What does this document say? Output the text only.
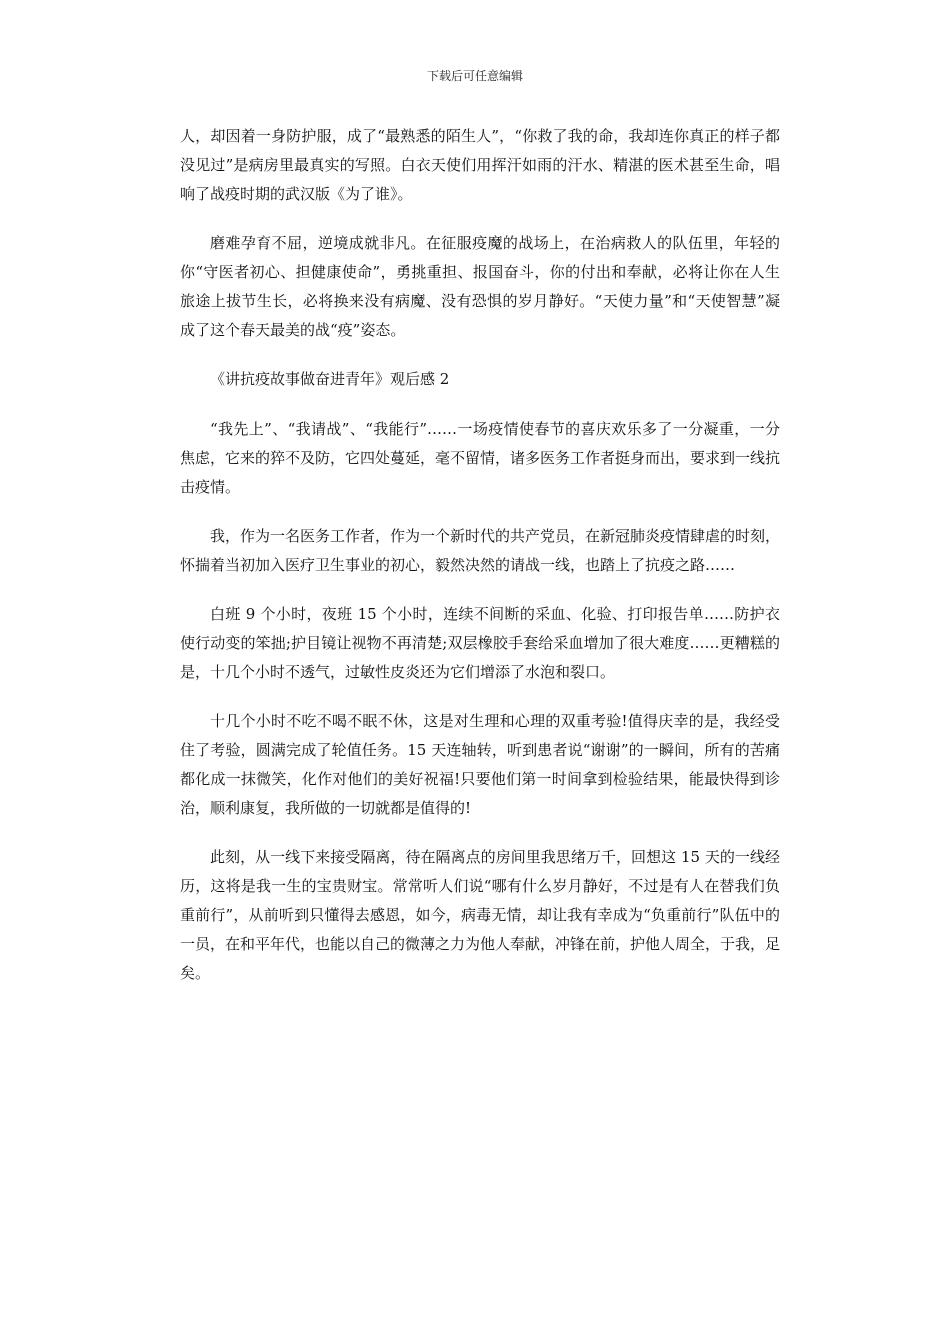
下载后可任意编辑

人，却因着一身防护服，成了“最熟悉的陌生人”，“你救了我的命，我却连你真正的样子都没见过”是病房里最真实的写照。白衣天使们用挥汗如雨的汗水、精湛的医术甚至生命，唱响了战疫时期的武汉版《为了谁》。

磨难孕育不屈，逆境成就非凡。在征服疫魔的战场上，在治病救人的队伍里，年轻的你“守医者初心、担健康使命”，勇挑重担、报国奋斗，你的付出和奉献，必将让你在人生旅途上拔节生长，必将换来没有病魔、没有恐惧的岁月静好。“天使力量”和“天使智慧”凝成了这个春天最美的战“疫”姿态。

《讲抗疫故事做奋进青年》观后感 2

“我先上”、“我请战”、“我能行”……一场疫情使春节的喜庆欢乐多了一分凝重，一分焦虑，它来的猝不及防，它四处蔓延，毫不留情，诸多医务工作者挺身而出，要求到一线抗击疫情。

我，作为一名医务工作者，作为一个新时代的共产党员，在新冠肺炎疫情肆虐的时刻，怀揣着当初加入医疗卫生事业的初心，毅然决然的请战一线，也踏上了抗疫之路……

白班 9 个小时，夜班 15 个小时，连续不间断的采血、化验、打印报告单……防护衣使行动变的笨拙;护目镜让视物不再清楚;双层橡胶手套给采血增加了很大难度……更糟糕的是，十几个小时不透气，过敏性皮炎还为它们增添了水泡和裂口。

十几个小时不吃不喝不眠不休，这是对生理和心理的双重考验!值得庆幸的是，我经受住了考验，圆满完成了轮值任务。15 天连轴转，听到患者说“谢谢”的一瞬间，所有的苦痛都化成一抹微笑，化作对他们的美好祝福!只要他们第一时间拿到检验结果，能最快得到诊治，顺利康复，我所做的一切就都是值得的!

此刻，从一线下来接受隔离，待在隔离点的房间里我思绪万千，回想这 15 天的一线经历，这将是我一生的宝贵财宝。常常听人们说“哪有什么岁月静好，不过是有人在替我们负重前行”，从前听到只懂得去感恩，如今，病毒无情，却让我有幸成为“负重前行”队伍中的一员，在和平年代，也能以自己的微薄之力为他人奉献，冲锋在前，护他人周全，于我，足矣。
